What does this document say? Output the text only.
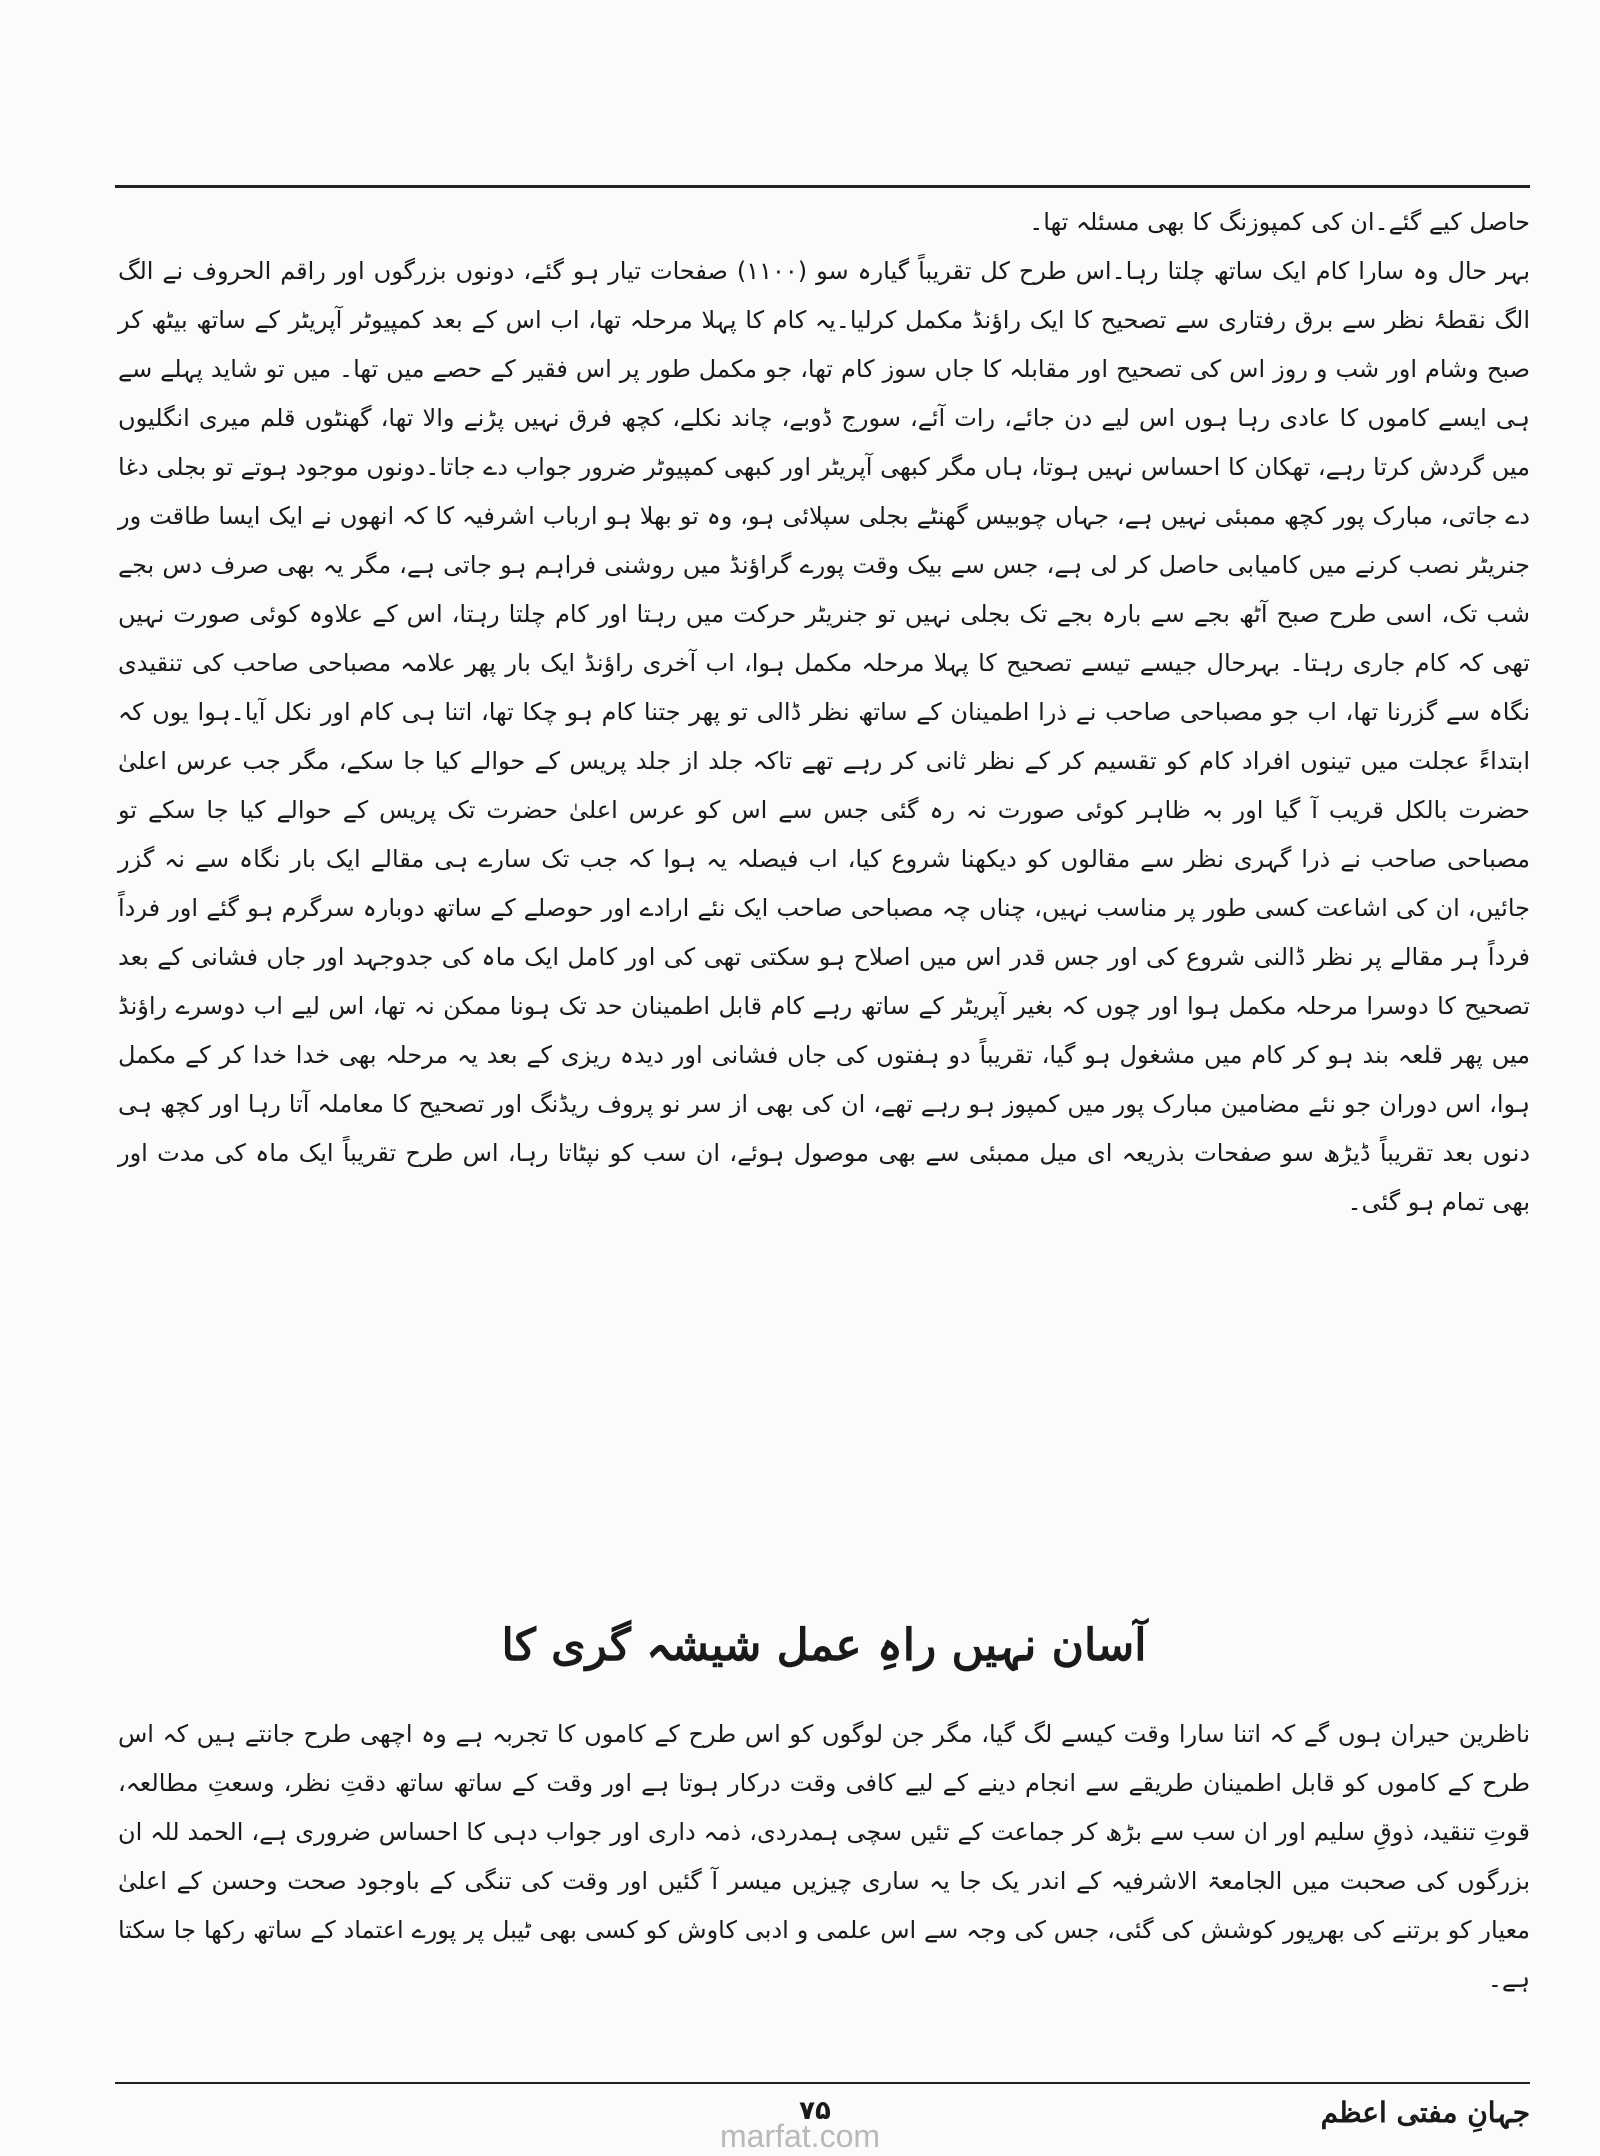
حاصل کیے گئے۔ان کی کمپوزنگ کا بھی مسئلہ تھا۔

بہر حال وہ سارا کام ایک ساتھ چلتا رہا۔اس طرح کل تقریباً گیارہ سو (۱۱۰۰) صفحات تیار ہو گئے، دونوں بزرگوں اور راقم الحروف نے الگ الگ نقطۂ نظر سے برق رفتاری سے تصحیح کا ایک راؤنڈ مکمل کرلیا۔یہ کام کا پہلا مرحلہ تھا، اب اس کے بعد کمپیوٹر آپریٹر کے ساتھ بیٹھ کر صبح وشام اور شب و روز اس کی تصحیح اور مقابلہ کا جاں سوز کام تھا، جو مکمل طور پر اس فقیر کے حصے میں تھا۔ میں تو شاید پہلے سے ہی ایسے کاموں کا عادی رہا ہوں اس لیے دن جائے، رات آئے، سورج ڈوبے، چاند نکلے، کچھ فرق نہیں پڑنے والا تھا، گھنٹوں قلم میری انگلیوں میں گردش کرتا رہے، تھکان کا احساس نہیں ہوتا، ہاں مگر کبھی آپریٹر اور کبھی کمپیوٹر ضرور جواب دے جاتا۔دونوں موجود ہوتے تو بجلی دغا دے جاتی، مبارک پور کچھ ممبئی نہیں ہے، جہاں چوبیس گھنٹے بجلی سپلائی ہو، وہ تو بھلا ہو ارباب اشرفیہ کا کہ انھوں نے ایک ایسا طاقت ور جنریٹر نصب کرنے میں کامیابی حاصل کر لی ہے، جس سے بیک وقت پورے گراؤنڈ میں روشنی فراہم ہو جاتی ہے، مگر یہ بھی صرف دس بجے شب تک، اسی طرح صبح آٹھ بجے سے بارہ بجے تک بجلی نہیں تو جنریٹر حرکت میں رہتا اور کام چلتا رہتا، اس کے علاوہ کوئی صورت نہیں تھی کہ کام جاری رہتا۔ بہرحال جیسے تیسے تصحیح کا پہلا مرحلہ مکمل ہوا، اب آخری راؤنڈ ایک بار پھر علامہ مصباحی صاحب کی تنقیدی نگاہ سے گزرنا تھا، اب جو مصباحی صاحب نے ذرا اطمینان کے ساتھ نظر ڈالی تو پھر جتنا کام ہو چکا تھا، اتنا ہی کام اور نکل آیا۔ہوا یوں کہ ابتداءً عجلت میں تینوں افراد کام کو تقسیم کر کے نظر ثانی کر رہے تھے تاکہ جلد از جلد پریس کے حوالے کیا جا سکے، مگر جب عرس اعلیٰ حضرت بالکل قریب آ گیا اور بہ ظاہر کوئی صورت نہ رہ گئی جس سے اس کو عرس اعلیٰ حضرت تک پریس کے حوالے کیا جا سکے تو مصباحی صاحب نے ذرا گہری نظر سے مقالوں کو دیکھنا شروع کیا، اب فیصلہ یہ ہوا کہ جب تک سارے ہی مقالے ایک بار نگاہ سے نہ گزر جائیں، ان کی اشاعت کسی طور پر مناسب نہیں، چناں چہ مصباحی صاحب ایک نئے ارادے اور حوصلے کے ساتھ دوبارہ سرگرم ہو گئے اور فرداً فرداً ہر مقالے پر نظر ڈالنی شروع کی اور جس قدر اس میں اصلاح ہو سکتی تھی کی اور کامل ایک ماہ کی جدوجہد اور جاں فشانی کے بعد تصحیح کا دوسرا مرحلہ مکمل ہوا اور چوں کہ بغیر آپریٹر کے ساتھ رہے کام قابل اطمینان حد تک ہونا ممکن نہ تھا، اس لیے اب دوسرے راؤنڈ میں پھر قلعہ بند ہو کر کام میں مشغول ہو گیا، تقریباً دو ہفتوں کی جاں فشانی اور دیدہ ریزی کے بعد یہ مرحلہ بھی خدا خدا کر کے مکمل ہوا، اس دوران جو نئے مضامین مبارک پور میں کمپوز ہو رہے تھے، ان کی بھی از سر نو پروف ریڈنگ اور تصحیح کا معاملہ آتا رہا اور کچھ ہی دنوں بعد تقریباً ڈیڑھ سو صفحات بذریعہ ای میل ممبئی سے بھی موصول ہوئے، ان سب کو نپٹاتا رہا، اس طرح تقریباً ایک ماہ کی مدت اور بھی تمام ہو گئی۔

آسان نہیں راہِ عمل شیشہ گری کا

ناظرین حیران ہوں گے کہ اتنا سارا وقت کیسے لگ گیا، مگر جن لوگوں کو اس طرح کے کاموں کا تجربہ ہے وہ اچھی طرح جانتے ہیں کہ اس طرح کے کاموں کو قابل اطمینان طریقے سے انجام دینے کے لیے کافی وقت درکار ہوتا ہے اور وقت کے ساتھ ساتھ دقتِ نظر، وسعتِ مطالعہ، قوتِ تنقید، ذوقِ سلیم اور ان سب سے بڑھ کر جماعت کے تئیں سچی ہمدردی، ذمہ داری اور جواب دہی کا احساس ضروری ہے، الحمد للہ ان بزرگوں کی صحبت میں الجامعۃ الاشرفیہ کے اندر یک جا یہ ساری چیزیں میسر آ گئیں اور وقت کی تنگی کے باوجود صحت وحسن کے اعلیٰ معیار کو برتنے کی بھرپور کوشش کی گئی، جس کی وجہ سے اس علمی و ادبی کاوش کو کسی بھی ٹیبل پر پورے اعتماد کے ساتھ رکھا جا سکتا ہے۔

جہانِ مفتی اعظم
۷۵
marfat.com
